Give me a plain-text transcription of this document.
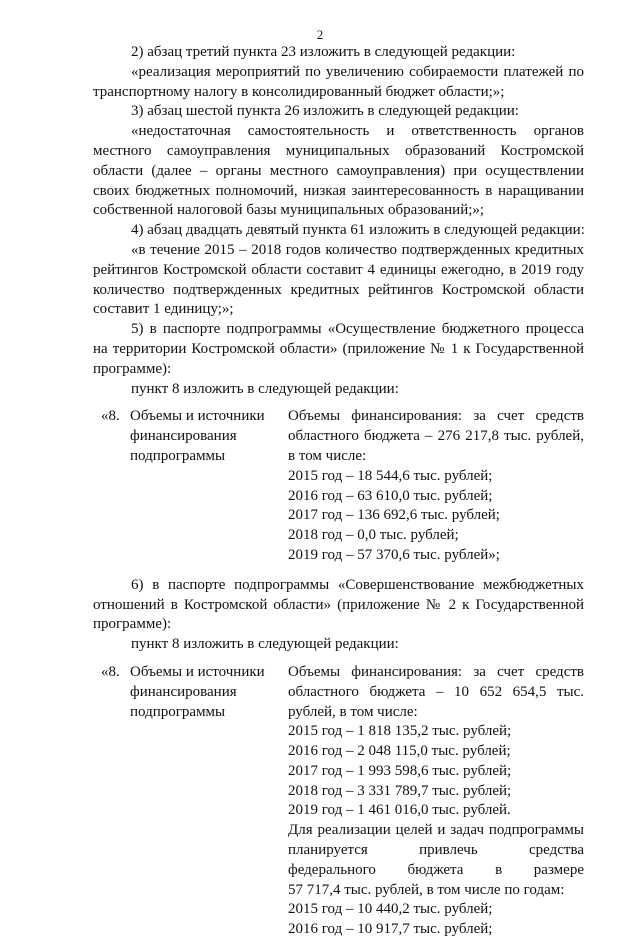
2
2) абзац третий пункта 23 изложить в следующей редакции:
«реализация мероприятий по увеличению собираемости платежей по
транспортному налогу в консолидированный бюджет области;»;
3) абзац шестой пункта 26 изложить в следующей редакции:
«недостаточная самостоятельность и ответственность органов
местного самоуправления муниципальных образований Костромской
области (далее – органы местного самоуправления) при осуществлении
своих бюджетных полномочий, низкая заинтересованность в наращивании
собственной налоговой базы муниципальных образований;»;
4) абзац двадцать девятый пункта 61 изложить в следующей редакции:
«в течение 2015 – 2018 годов количество подтвержденных кредитных
рейтингов Костромской области составит 4 единицы ежегодно, в 2019 году
количество подтвержденных кредитных рейтингов Костромской области
составит 1 единицу;»;
5) в паспорте подпрограммы «Осуществление бюджетного процесса
на территории Костромской области» (приложение № 1 к Государственной
программе):
пункт 8 изложить в следующей редакции:
«8. Объемы и источники
финансирования
подпрограммы
Объемы финансирования: за счет средств
областного бюджета – 276 217,8 тыс. рублей,
в том числе:
2015 год – 18 544,6 тыс. рублей;
2016 год – 63 610,0 тыс. рублей;
2017 год – 136 692,6 тыс. рублей;
2018 год – 0,0 тыс. рублей;
2019 год – 57 370,6 тыс. рублей»;
6) в паспорте подпрограммы «Совершенствование межбюджетных
отношений в Костромской области» (приложение № 2 к Государственной
программе):
пункт 8 изложить в следующей редакции:
«8. Объемы и источники
финансирования
подпрограммы
Объемы финансирования: за счет средств
областного бюджета – 10 652 654,5 тыс.
рублей, в том числе:
2015 год – 1 818 135,2 тыс. рублей;
2016 год – 2 048 115,0 тыс. рублей;
2017 год – 1 993 598,6 тыс. рублей;
2018 год – 3 331 789,7 тыс. рублей;
2019 год – 1 461 016,0 тыс. рублей.
Для реализации целей и задач подпрограммы
планируется привлечь средства
федерального бюджета в размере
57 717,4 тыс. рублей, в том числе по годам:
2015 год – 10 440,2 тыс. рублей;
2016 год – 10 917,7 тыс. рублей;
